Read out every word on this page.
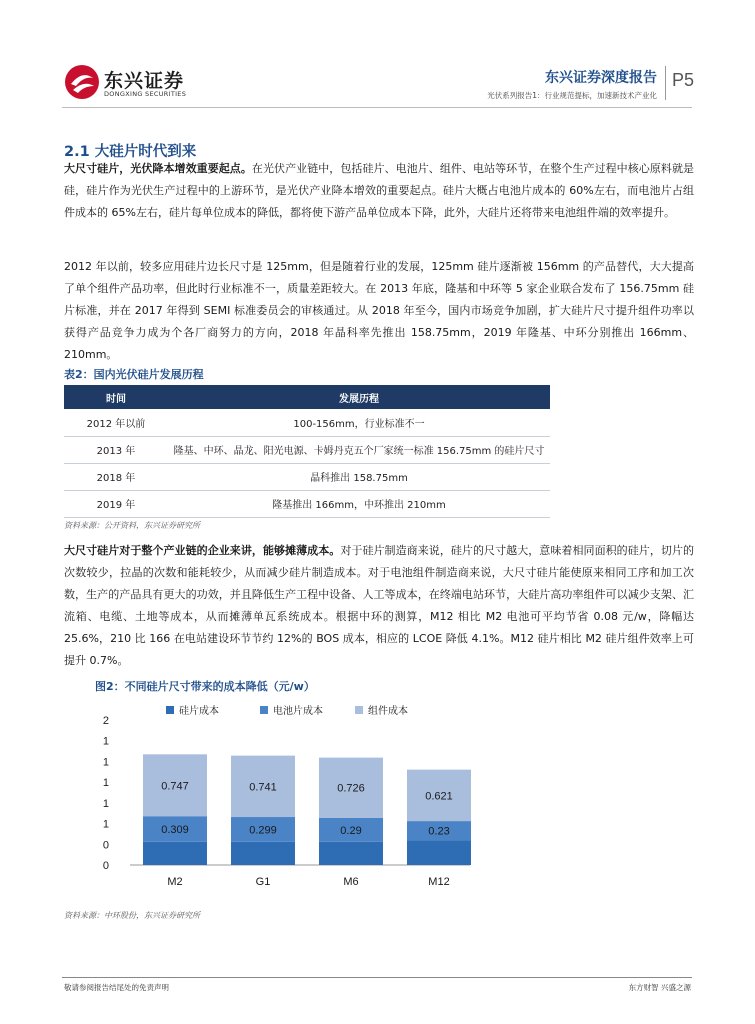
东兴证券
DONGXING SECURITIES
东兴证券深度报告
光伏系列报告1：行业规范提标，加速新技术产业化
P5
2.1 大硅片时代到来

大尺寸硅片，光伏降本增效重要起点。在光伏产业链中，包括硅片、电池片、组件、电站等环节，在整个生产过程中核心原料就是硅，硅片作为光伏生产过程中的上游环节，是光伏产业降本增效的重要起点。硅片大概占电池片成本的 60%左右，而电池片占组件成本的 65%左右，硅片每单位成本的降低，都将使下游产品单位成本下降，此外，大硅片还将带来电池组件端的效率提升。

2012 年以前，较多应用硅片边长尺寸是 125mm，但是随着行业的发展，125mm 硅片逐渐被 156mm 的产品替代，大大提高了单个组件产品功率，但此时行业标准不一，质量差距较大。在 2013 年底，隆基和中环等 5 家企业联合发布了 156.75mm 硅片标准，并在 2017 年得到 SEMI 标准委员会的审核通过。从 2018 年至今，国内市场竞争加剧，扩大硅片尺寸提升组件功率以获得产品竞争力成为个各厂商努力的方向，2018 年晶科率先推出 158.75mm，2019 年隆基、中环分别推出 166mm、210mm。

表2：国内光伏硅片发展历程
时间	发展历程
2012 年以前	100-156mm，行业标准不一
2013 年	隆基、中环、晶龙、阳光电源、卡姆丹克五个厂家统一标准 156.75mm 的硅片尺寸
2018 年	晶科推出 158.75mm
2019 年	隆基推出 166mm，中环推出 210mm
资料来源：公开资料，东兴证券研究所

大尺寸硅片对于整个产业链的企业来讲，能够摊薄成本。对于硅片制造商来说，硅片的尺寸越大，意味着相同面积的硅片，切片的次数较少，拉晶的次数和能耗较少，从而减少硅片制造成本。对于电池组件制造商来说，大尺寸硅片能使原来相同工序和加工次数，生产的产品具有更大的功效，并且降低生产工程中设备、人工等成本，在终端电站环节，大硅片高功率组件可以减少支架、汇流箱、电缆、土地等成本，从而摊薄单瓦系统成本。根据中环的测算，M12 相比 M2 电池可平均节省 0.08 元/w，降幅达 25.6%，210 比 166 在电站建设环节节约 12%的 BOS 成本，相应的 LCOE 降低 4.1%。M12 硅片相比 M2 硅片组件效率上可提升 0.7%。

图2：不同硅片尺寸带来的成本降低（元/w）
硅片成本	电池片成本	组件成本
0
0
1
1
1
1
1
2
0.309
0.747
M2
0.299
0.741
G1
0.29
0.726
M6
0.23
0.621
M12
资料来源：中环股份，东兴证券研究所
敬请参阅报告结尾处的免责声明	东方财智 兴盛之源
